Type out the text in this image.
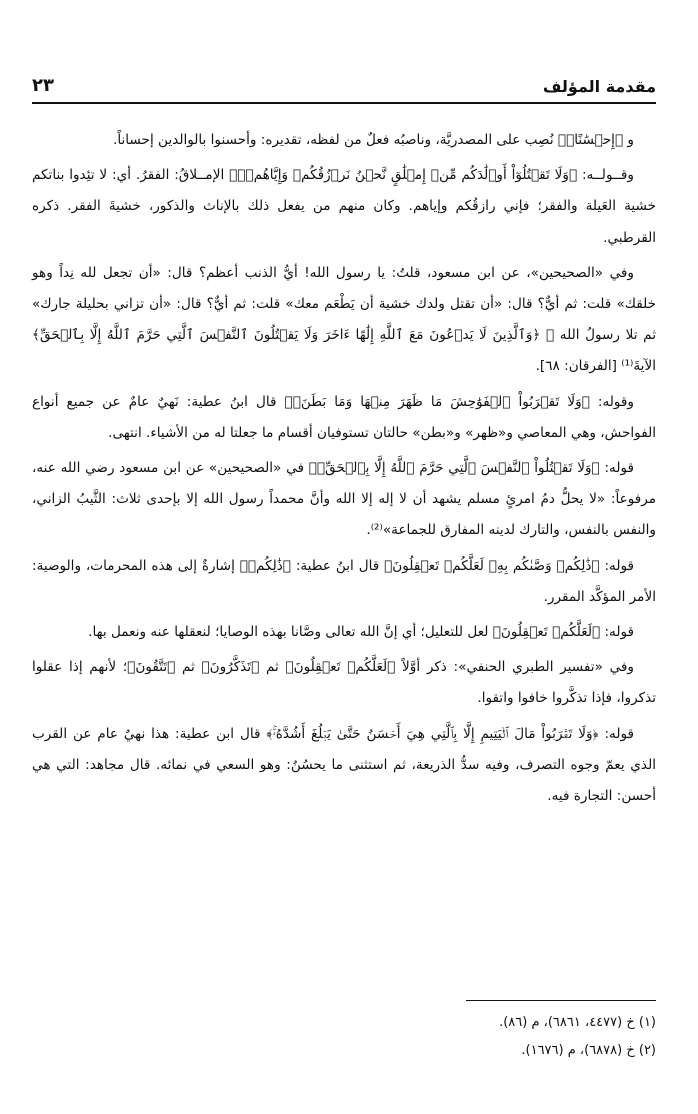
مقدمة المؤلف
٢٣

و ﴿إِحۡسَٰنًاۖ﴾ نُصِب على المصدريَّة، وناصبُه فعلٌ من لفظه، تقديره: وأحسنوا بالوالدين إحساناً.

وقــولــه: ﴿وَلَا تَقۡتُلُوٓاْ أَوۡلَٰدَكُم مِّنۡ إِمۡلَٰقٍ نَّحۡنُ نَرۡزُقُكُمۡ وَإِيَّاهُمۡۖ﴾ الإمــلاقُ: الفقرُ. أي: لا تئِدوا بناتكم خشية العَيلة والفقر؛ فإني رازقُكم وإياهم. وكان منهم من يفعل ذلك بالإناث والذكور، خشيةَ الفقر. ذكره القرطبي.

وفي «الصحيحين»، عن ابن مسعود، قلتُ: يا رسول الله! أيُّ الذنب أعظم؟ قال: «أن تجعل لله نِداً وهو خلقك» قلت: ثم أيٌّ؟ قال: «أن تقتل ولدك خشية أن يَطْعَم معك» قلت: ثم أيٌّ؟ قال: «أن تزاني بحليلة جارك» ثم تلا رسولُ الله ﷺ ﴿وَٱلَّذِينَ لَا يَدۡعُونَ مَعَ ٱللَّهِ إِلَٰهًا ءَاخَرَ وَلَا يَقۡتُلُونَ ٱلنَّفۡسَ ٱلَّتِي حَرَّمَ ٱللَّهُ إِلَّا بِٱلۡحَقِّ﴾ الآيةَ⁽¹⁾ [الفرقان: ٦٨].

وقوله: ﴿وَلَا تَقۡرَبُواْ ٱلۡفَوَٰحِشَ مَا ظَهَرَ مِنۡهَا وَمَا بَطَنَۖ﴾ قال ابنُ عطية: نَهيٌ عامٌ عن جميع أنواع الفواحش، وهي المعاصي و«ظهر» و«بطن» حالتان تستوفيان أقسام ما جعلتا له من الأشياء. انتهى.

قوله: ﴿وَلَا تَقۡتُلُواْ ٱلنَّفۡسَ ٱلَّتِي حَرَّمَ ٱللَّهُ إِلَّا بِٱلۡحَقِّۚ﴾ في «الصحيحين» عن ابن مسعود رضي الله عنه، مرفوعاً: «لا يحلُّ دمُ امرئٍ مسلم يشهد أن لا إله إلا الله وأنَّ محمداً رسول الله إلا بإحدى ثلاث: الثَّيبُ الزاني، والنفس بالنفس، والتارك لدينه المفارق للجماعة»⁽²⁾.

قوله: ﴿ذَٰلِكُمۡ وَصَّىٰكُم بِهِۦ لَعَلَّكُمۡ تَعۡقِلُونَ﴾ قال ابنُ عطية: ﴿ذَٰلِكُمۡ﴾ إشارةٌ إلى هذه المحرمات، والوصية: الأمر المؤكَّد المقرر.

قوله: ﴿لَعَلَّكُمۡ تَعۡقِلُونَ﴾ لعل للتعليل؛ أي إنَّ الله تعالى وصَّانا بهذه الوصايا؛ لنعقلها عنه ونعمل بها.

وفي «تفسير الطبري الحنفي»: ذكر أوَّلاً ﴿لَعَلَّكُمۡ تَعۡقِلُونَ﴾ ثم ﴿تَذَكَّرُونَ﴾ ثم ﴿تَتَّقُونَ﴾؛ لأنهم إذا عقلوا تذكروا، فإذا تذكَّروا خافوا واتقوا.

قوله: ﴿وَلَا تَقۡرَبُواْ مَالَ ٱلۡيَتِيمِ إِلَّا بِٱلَّتِي هِيَ أَحۡسَنُ حَتَّىٰ يَبۡلُغَ أَشُدَّهُۥۚ﴾ قال ابن عطية: هذا نهيٌ عام عن القرب الذي يعمّ وجوه التصرف، وفيه سدُّ الذريعة، ثم استثنى ما يحسُنُ: وهو السعي في نمائه. قال مجاهد: التي هي أحسن: التجارة فيه.

(١) خ (٤٤٧٧، ٦٨٦١)، م (٨٦).
(٢) خ (٦٨٧٨)، م (١٦٧٦).
